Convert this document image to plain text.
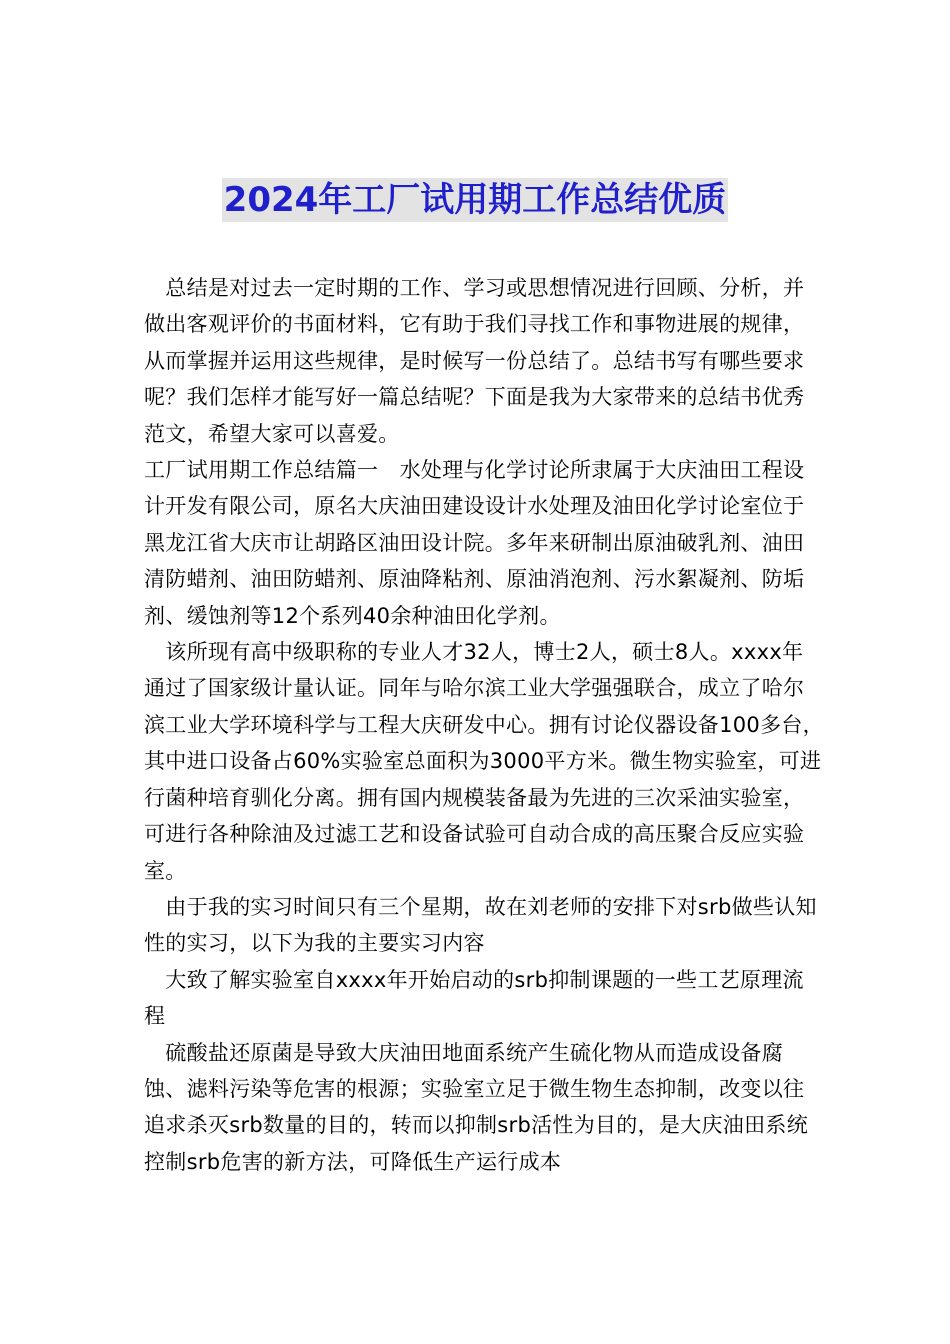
2024年工厂试用期工作总结优质

　总结是对过去一定时期的工作、学习或思想情况进行回顾、分析，并做出客观评价的书面材料，它有助于我们寻找工作和事物进展的规律，从而掌握并运用这些规律，是时候写一份总结了。总结书写有哪些要求呢？我们怎样才能写好一篇总结呢？下面是我为大家带来的总结书优秀范文，希望大家可以喜爱。

工厂试用期工作总结篇一　水处理与化学讨论所隶属于大庆油田工程设计开发有限公司，原名大庆油田建设设计水处理及油田化学讨论室位于黑龙江省大庆市让胡路区油田设计院。多年来研制出原油破乳剂、油田清防蜡剂、油田防蜡剂、原油降粘剂、原油消泡剂、污水絮凝剂、防垢剂、缓蚀剂等12个系列40余种油田化学剂。

　该所现有高中级职称的专业人才32人，博士2人，硕士8人。xxxx年通过了国家级计量认证。同年与哈尔滨工业大学强强联合，成立了哈尔滨工业大学环境科学与工程大庆研发中心。拥有讨论仪器设备100多台，其中进口设备占60%实验室总面积为3000平方米。微生物实验室，可进行菌种培育驯化分离。拥有国内规模装备最为先进的三次采油实验室，可进行各种除油及过滤工艺和设备试验可自动合成的高压聚合反应实验室。

　由于我的实习时间只有三个星期，故在刘老师的安排下对srb做些认知性的实习，以下为我的主要实习内容

　大致了解实验室自xxxx年开始启动的srb抑制课题的一些工艺原理流程

　硫酸盐还原菌是导致大庆油田地面系统产生硫化物从而造成设备腐蚀、滤料污染等危害的根源；实验室立足于微生物生态抑制，改变以往追求杀灭srb数量的目的，转而以抑制srb活性为目的，是大庆油田系统控制srb危害的新方法，可降低生产运行成本
